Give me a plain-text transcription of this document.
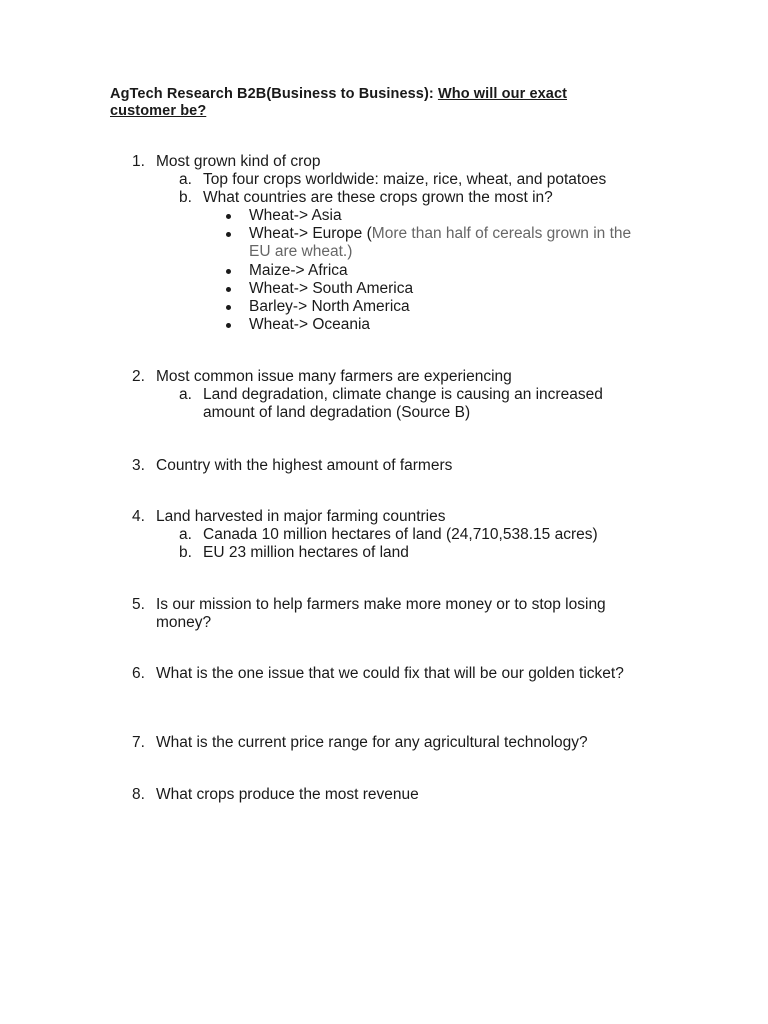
AgTech Research B2B(Business to Business): Who will our exact customer be?
1. Most grown kind of crop
a. Top four crops worldwide: maize, rice, wheat, and potatoes
b. What countries are these crops grown the most in?
Wheat-> Asia
Wheat-> Europe (More than half of cereals grown in the EU are wheat.)
Maize-> Africa
Wheat-> South America
Barley-> North America
Wheat-> Oceania
2. Most common issue many farmers are experiencing
a. Land degradation, climate change is causing an increased amount of land degradation (Source B)
3. Country with the highest amount of farmers
4. Land harvested in major farming countries
a. Canada 10 million hectares of land (24,710,538.15 acres)
b. EU 23 million hectares of land
5. Is our mission to help farmers make more money or to stop losing money?
6. What is the one issue that we could fix that will be our golden ticket?
7. What is the current price range for any agricultural technology?
8. What crops produce the most revenue
